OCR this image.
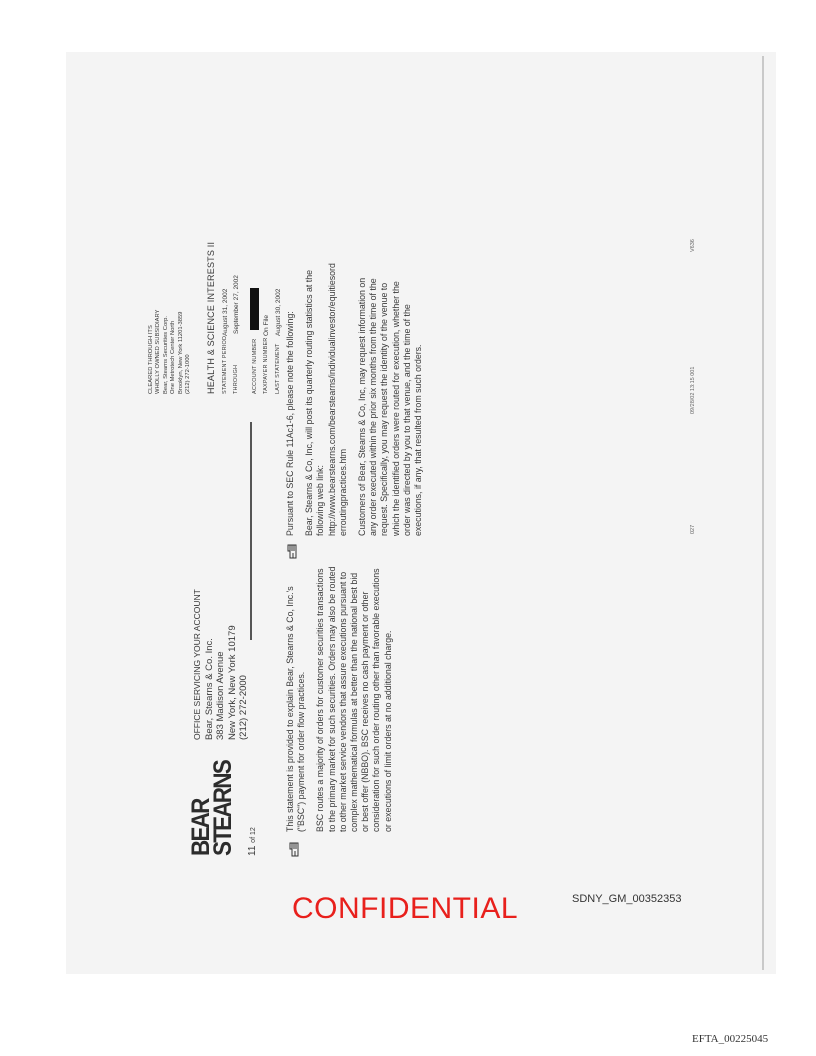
BEAR
STEARNS
OFFICE SERVICING YOUR ACCOUNT Bear, Stearns & Co. Inc. 383 Madison Avenue New York, New York 10179 (212) 272-2000
11 of 12
CLEARED THROUGH ITS WHOLLY OWNED SUBSIDIARY Bear, Stearns Securities Corp. One Metrotech Center North Brooklyn, New York 11201-3859 (212) 272-1000 HEALTH & SCIENCE INTERESTS II STATEMENT PERIOD
August 31, 2002
THROUGH
September 27, 2002
ACCOUNT NUMBER TAXPAYER NUMBER
On File
LAST STATEMENT
August 30, 2002

This statement is provided to explain Bear, Stearns & Co, Inc.'s ("BSC") payment for order flow practices. BSC routes a majority of orders for customer securities transactions to the primary market for such securities. Orders may also be routed to other market service vendors that assure executions pursuant to complex mathematical formulas at better than the national best bid or best offer (NBBO). BSC receives no cash payment or other consideration for such order routing other than favorable executions or executions of limit orders at no additional charge.

Pursuant to SEC Rule 11Ac1-6, please note the following: Bear, Stearns & Co, Inc, will post its quarterly routing statistics at the following web link: http://www.bearstearns.com/bearstearns/individualinvestor/equitiesord erroutingpractices.htm Customers of Bear, Stearns & Co, Inc, may request information on any order executed within the prior six months from the time of the request. Specifically, you may request the identity of the venue to which the identified orders were routed for execution, whether the order was directed by you to that venue, and the time of the executions, if any, that resulted from such orders.	027
09/28/02 13:15 001
V636
CONFIDENTIAL	SDNY_GM_00352353
EFTA_00225045
